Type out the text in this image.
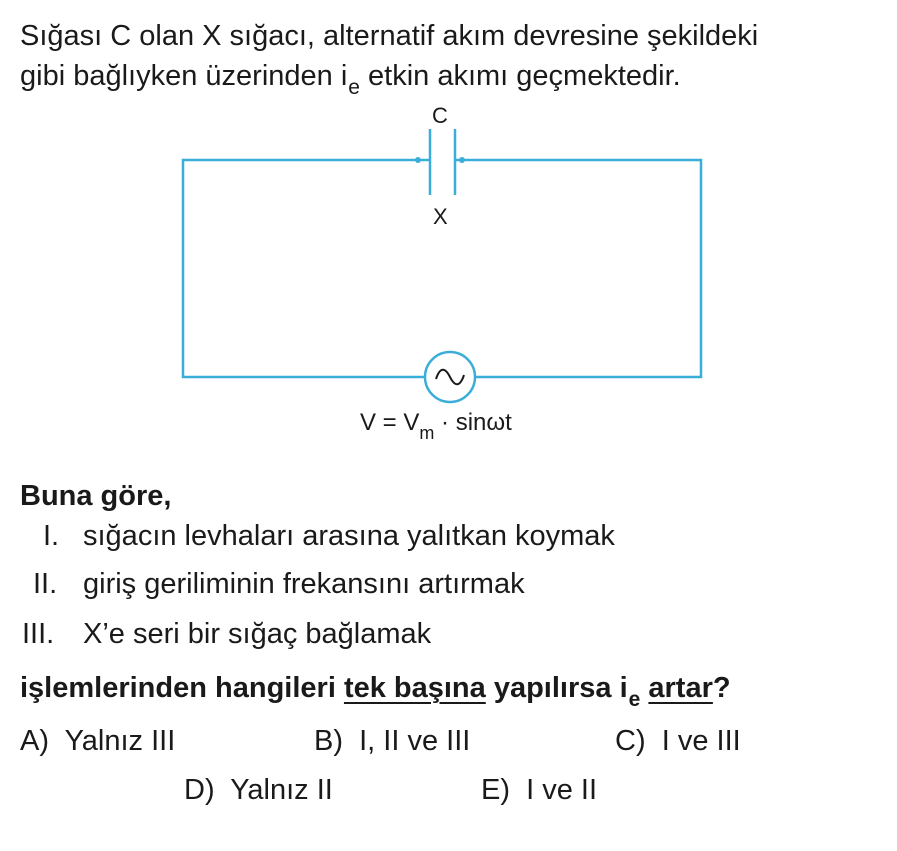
Sığası C olan X sığacı, alternatif akım devresine şekildeki
gibi bağlıyken üzerinden $i_e$ etkin akımı geçmektedir.
C
X
$V = V_m \cdot \sin\omega t$
Buna göre,
I. sığacın levhaları arasına yalıtkan koymak
II. giriş geriliminin frekansını artırmak
III. X’e seri bir sığaç bağlamak
işlemlerinden hangileri tek başına yapılırsa $i_e$ artar?
A) Yalnız III	B) I, II ve III	C) I ve III
D) Yalnız II	E) I ve II
